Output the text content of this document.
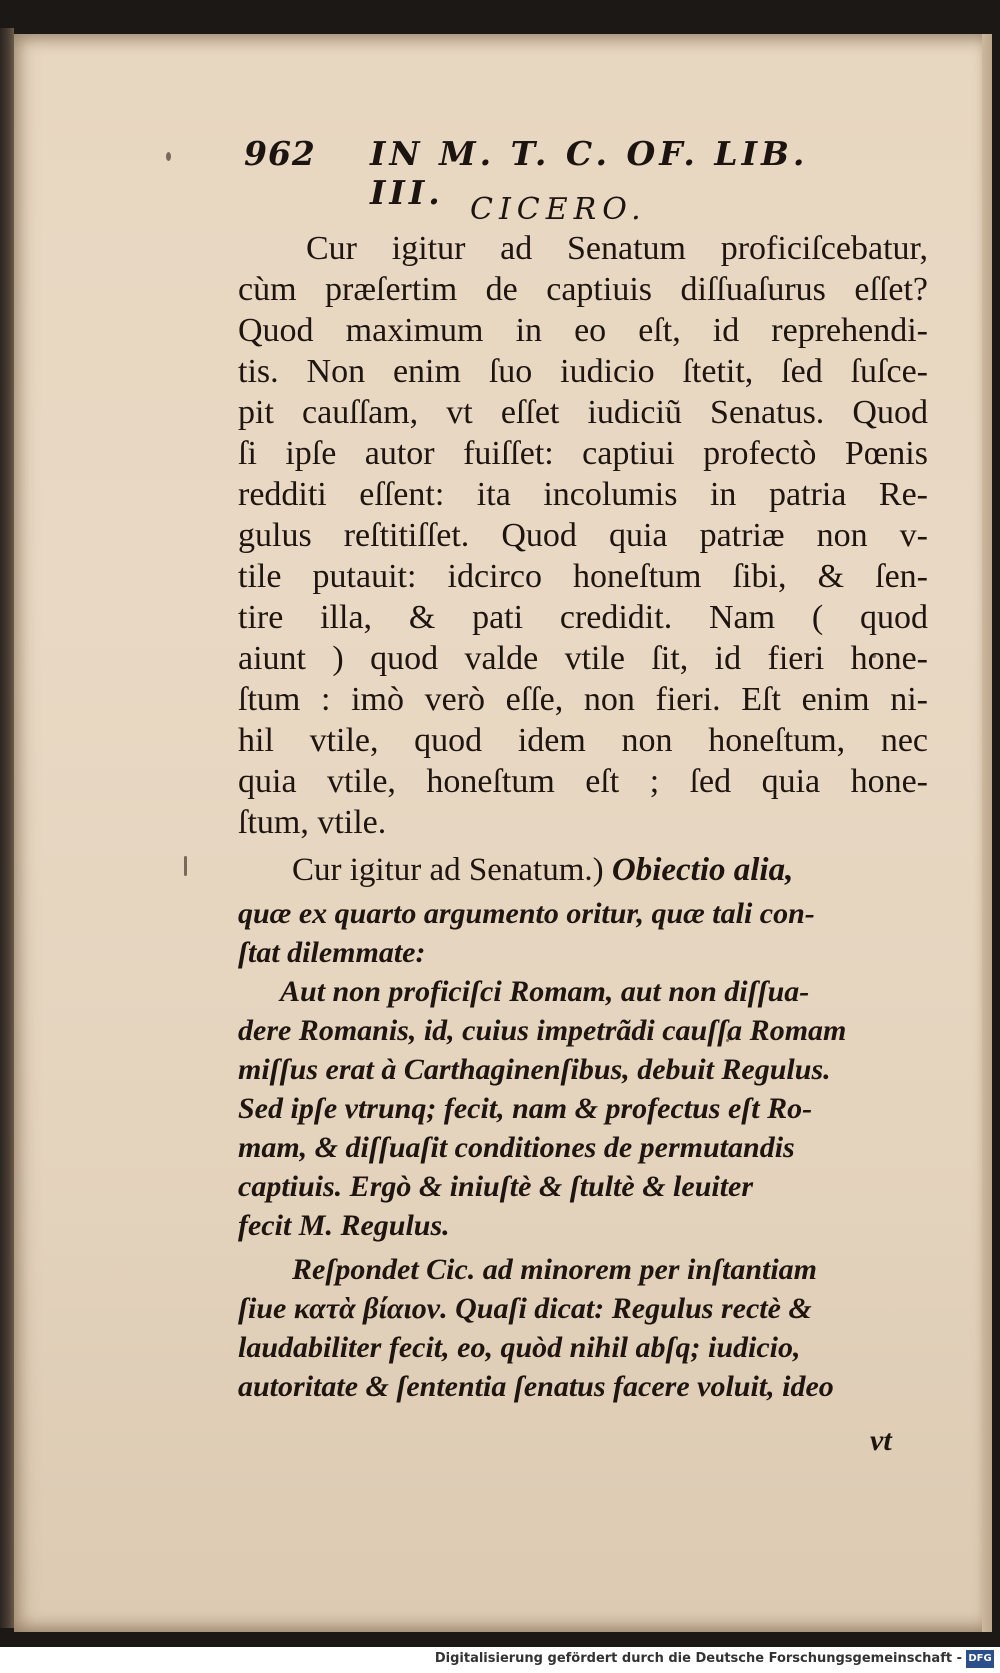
962 IN M. T. C. OF. LIB. III. CICERO.

Cur igitur ad Senatum proficiſcebatur,
cùm præſertim de captiuis diſſuaſurus eſſet?
Quod maximum in eo eſt, id reprehendi-
tis. Non enim ſuo iudicio ſtetit, ſed ſuſce-
pit cauſſam, vt eſſet iudiciũ Senatus. Quod
ſi ipſe autor fuiſſet: captiui profectò Pœnis
redditi eſſent: ita incolumis in patria Re-
gulus reſtitiſſet. Quod quia patriæ non v-
tile putauit: idcirco honeſtum ſibi, & ſen-
tire illa, & pati credidit. Nam ( quod
aiunt ) quod valde vtile ſit, id fieri hone-
ſtum : imò verò eſſe, non fieri. Eſt enim ni-
hil vtile, quod idem non honeſtum, nec
quia vtile, honeſtum eſt ; ſed quia hone-
ſtum, vtile.

Cur igitur ad Senatum.) Obiectio alia,

quæ ex quarto argumento oritur, quæ tali con-
ſtat dilemmate:
Aut non proficiſci Romam, aut non diſſua-
dere Romanis, id, cuius impetrãdi cauſſa Romam
miſſus erat à Carthaginenſibus, debuit Regulus.
Sed ipſe vtrunq; fecit, nam & profectus eſt Ro-
mam, & diſſuaſit conditiones de permutandis
captiuis. Ergò & iniuſtè & ſtultè & leuiter
fecit M. Regulus.

Reſpondet Cic. ad minorem per inſtantiam
ſiue κατὰ βίαιον. Quaſi dicat: Regulus rectè &
laudabiliter fecit, eo, quòd nihil abſq; iudicio,
autoritate & ſententia ſenatus facere voluit, ideo

vt
Digitalisierung gefördert durch die Deutsche Forschungsgemeinschaft - DFG
